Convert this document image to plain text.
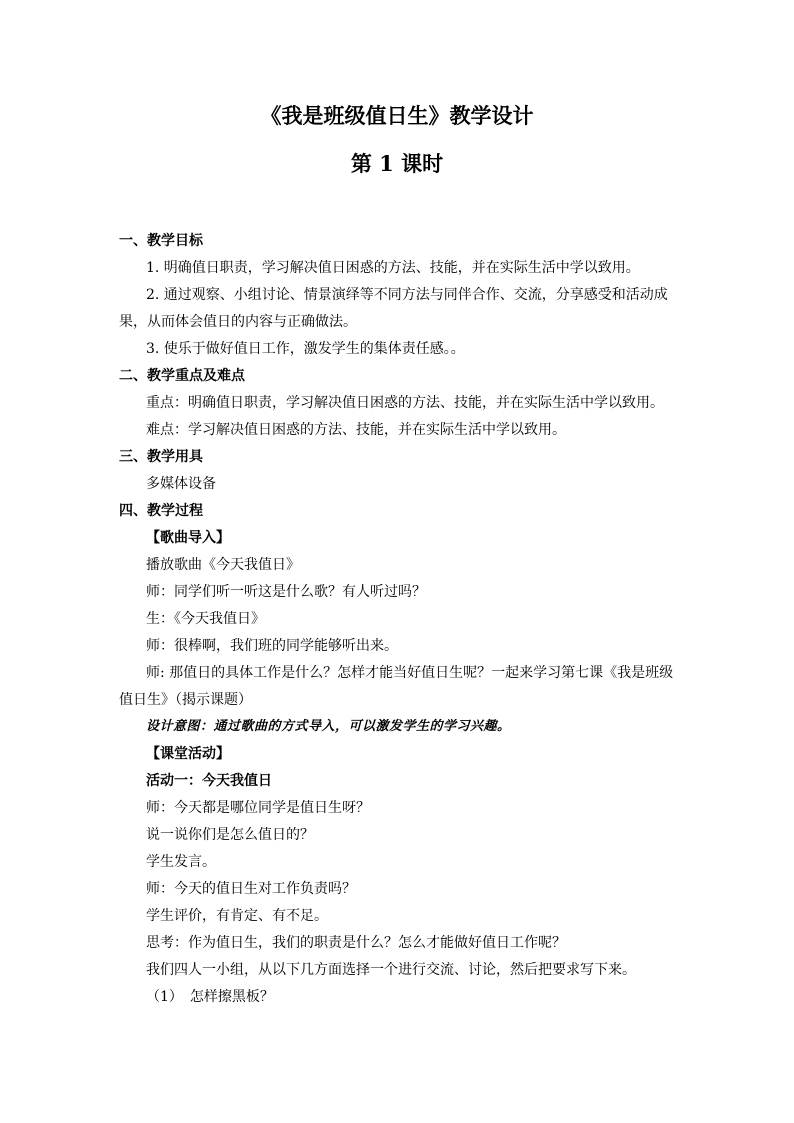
《我是班级值日生》教学设计
第 1 课时
一、教学目标
1. 明确值日职责，学习解决值日困惑的方法、技能，并在实际生活中学以致用。
2. 通过观察、小组讨论、情景演绎等不同方法与同伴合作、交流，分享感受和活动成
果，从而体会值日的内容与正确做法。
3. 使乐于做好值日工作，激发学生的集体责任感。。
二、教学重点及难点
重点：明确值日职责，学习解决值日困惑的方法、技能，并在实际生活中学以致用。
难点：学习解决值日困惑的方法、技能，并在实际生活中学以致用。
三、教学用具
多媒体设备
四、教学过程
【歌曲导入】
播放歌曲《今天我值日》
师：同学们听一听这是什么歌？有人听过吗？
生：《今天我值日》
师：很棒啊，我们班的同学能够听出来。
师: 那值日的具体工作是什么？怎样才能当好值日生呢？一起来学习第七课《我是班级
值日生》（揭示课题）
设计意图：通过歌曲的方式导入，可以激发学生的学习兴趣。
【课堂活动】
活动一：今天我值日
师：今天都是哪位同学是值日生呀？
说一说你们是怎么值日的？
学生发言。
师：今天的值日生对工作负责吗？
学生评价，有肯定、有不足。
思考：作为值日生，我们的职责是什么？怎么才能做好值日工作呢？
我们四人一小组，从以下几方面选择一个进行交流、讨论，然后把要求写下来。
（1）　怎样擦黑板？
